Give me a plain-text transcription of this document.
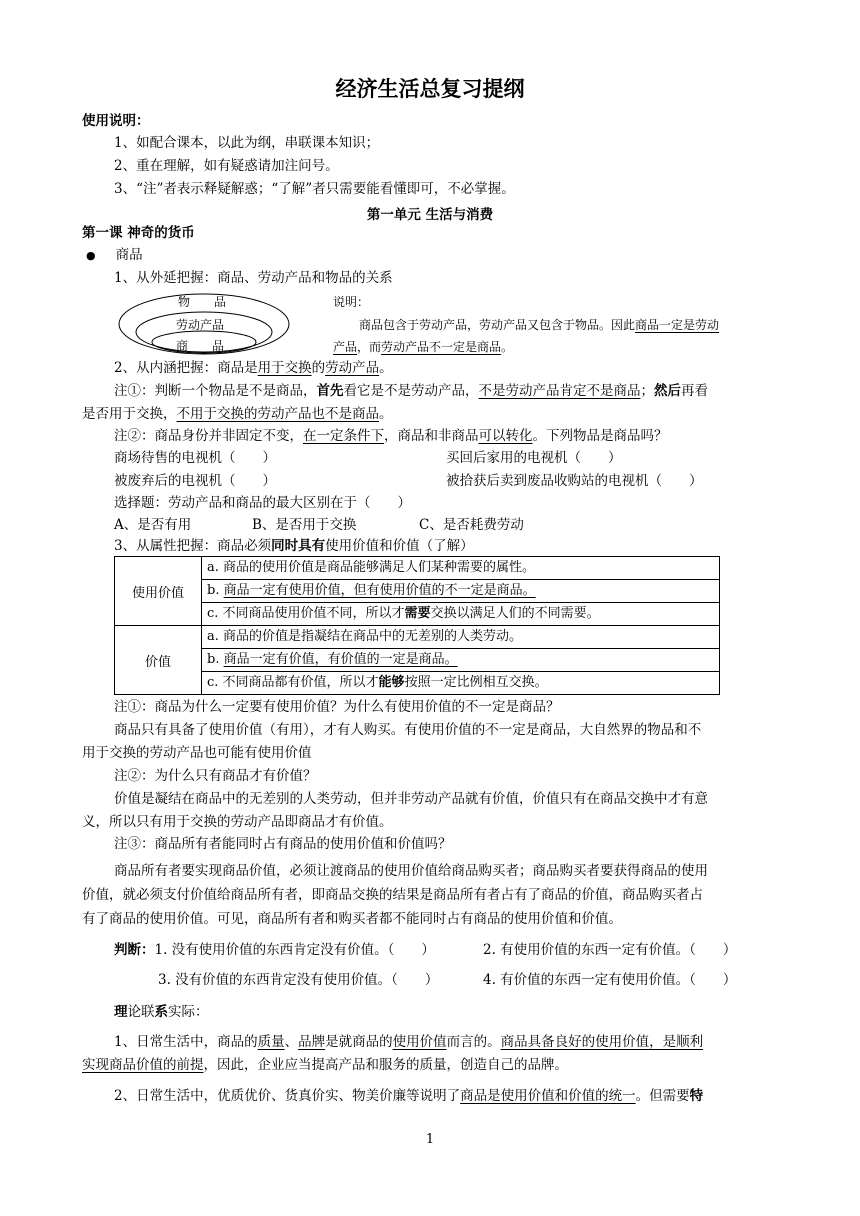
经济生活总复习提纲
使用说明：
1、如配合课本，以此为纲，串联课本知识；
2、重在理解，如有疑惑请加注问号。
3、“注”者表示释疑解惑；“了解”者只需要能看懂即可，不必掌握。
第一单元 生活与消费
第一课 神奇的货币
● 商品
1、从外延把握：商品、劳动产品和物品的关系
物　　品
劳动产品
商　　品
说明：
商品包含于劳动产品，劳动产品又包含于物品。因此商品一定是劳动
产品，而劳动产品不一定是商品。
2、从内涵把握：商品是用于交换的劳动产品。
注①：判断一个物品是不是商品，首先看它是不是劳动产品，不是劳动产品肯定不是商品；然后再看
是否用于交换，不用于交换的劳动产品也不是商品。
注②：商品身份并非固定不变，在一定条件下，商品和非商品可以转化。下列物品是商品吗？
商场待售的电视机（　　）	买回后家用的电视机（　　）
被废弃后的电视机（　　）	被拾获后卖到废品收购站的电视机（　　）
选择题：劳动产品和商品的最大区别在于（　　）
A、是否有用	B、是否用于交换	C、是否耗费劳动
3、从属性把握：商品必须同时具有使用价值和价值（了解）
使用价值	a. 商品的使用价值是商品能够满足人们某种需要的属性。
b. 商品一定有使用价值，但有使用价值的不一定是商品。
c. 不同商品使用价值不同，所以才需要交换以满足人们的不同需要。

价值	a. 商品的价值是指凝结在商品中的无差别的人类劳动。
b. 商品一定有价值，有价值的一定是商品。
c. 不同商品都有价值，所以才能够按照一定比例相互交换。
注①：商品为什么一定要有使用价值？为什么有使用价值的不一定是商品？
商品只有具备了使用价值（有用），才有人购买。有使用价值的不一定是商品，大自然界的物品和不
用于交换的劳动产品也可能有使用价值
注②：为什么只有商品才有价值？
价值是凝结在商品中的无差别的人类劳动，但并非劳动产品就有价值，价值只有在商品交换中才有意
义，所以只有用于交换的劳动产品即商品才有价值。
注③：商品所有者能同时占有商品的使用价值和价值吗？
商品所有者要实现商品价值，必须让渡商品的使用价值给商品购买者；商品购买者要获得商品的使用
价值，就必须支付价值给商品所有者，即商品交换的结果是商品所有者占有了商品的价值，商品购买者占
有了商品的使用价值。可见，商品所有者和购买者都不能同时占有商品的使用价值和价值。
判断：1. 没有使用价值的东西肯定没有价值。（　　）	2. 有使用价值的东西一定有价值。（　　）
3. 没有价值的东西肯定没有使用价值。（　　）	4. 有价值的东西一定有使用价值。（　　）
理论联系实际：
1、日常生活中，商品的质量、品牌是就商品的使用价值而言的。商品具备良好的使用价值，是顺利
实现商品价值的前提，因此，企业应当提高产品和服务的质量，创造自己的品牌。
2、日常生活中，优质优价、货真价实、物美价廉等说明了商品是使用价值和价值的统一。但需要特
1
